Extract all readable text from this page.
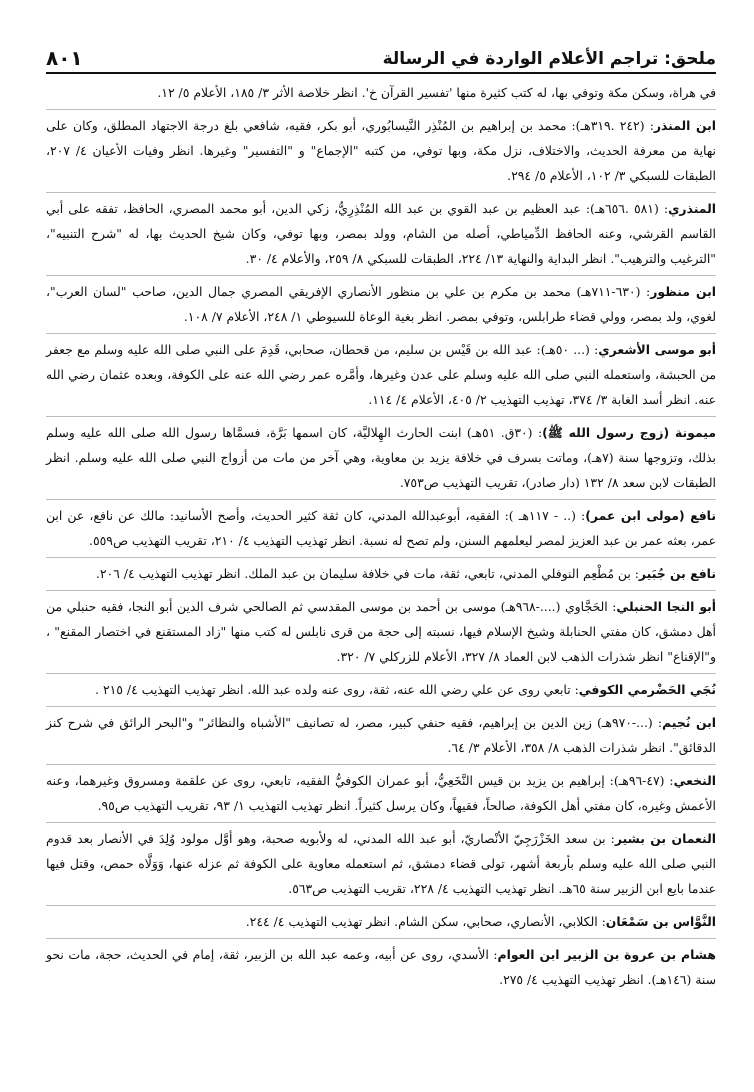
ملحق: تراجم الأعلام الواردة في الرسالة
٨٠١

في هراة، وسكن مكة وتوفي بها، له كتب كثيرة منها 'تفسير القرآن خ'. انظر خلاصة الأثر ٣/ ١٨٥، الأعلام ٥/ ١٢.

ابن المنذر: (٢٤٢ .٣١٩هـ): محمد بن إبراهيم بن المُنْذِر النَّيسابُوري، أبو بكر، فقيه، شافعي بلغ درجة الاجتهاد المطلق، وكان على نهاية من معرفة الحديث، والاختلاف، نزل مكة، وبها توفي، من كتبه "الإجماع" و "التفسير" وغيرها. انظر وفيات الأعيان ٤/ ٢٠٧، الطبقات للسبكي ٣/ ١٠٢، الأعلام ٥/ ٢٩٤.

المنذري: (٥٨١ .٦٥٦هـ): عبد العظيم بن عبد القوي بن عبد الله المُنْذِرِيُّ، زكي الدين، أبو محمد المصري، الحافظ، تفقه على أبي القاسم القرشي، وعنه الحافظ الدِّمياطي، أصله من الشام، وولد بمصر، وبها توفي، وكان شيخ الحديث بها، له "شرح التنبيه"، "الترغيب والترهيب". انظر البداية والنهاية ١٣/ ٢٢٤، الطبقات للسبكي ٨/ ٢٥٩، والأعلام ٤/ ٣٠.

ابن منظور: (٦٣٠-٧١١هـ) محمد بن مكرم بن علي بن منظور الأنصاري الإفريقي المصري جمال الدين، صاحب "لسان العرب"، لغوي، ولد بمصر، وولي قضاء طرابلس، وتوفي بمصر. انظر بغية الوعاة للسيوطي ١/ ٢٤٨، الأعلام ٧/ ١٠٨.

أبو موسى الأشعري: (... ٥٠هـ): عبد الله بن قَيْس بن سليم، من قحطان، صحابي، قَدِمَ على النبي صلى الله عليه وسلم مع جعفر من الحبشة، واستعمله النبي صلى الله عليه وسلم على عدن وغيرها، وأمَّره عمر رضي الله عنه على الكوفة، وبعده عثمان رضي الله عنه. انظر أسد الغابة ٣/ ٣٧٤، تهذيب التهذيب ٢/ ٤٠٥، الأعلام ٤/ ١١٤.

ميمونة (زوج رسول الله ﷺ): (٣٠ق. ٥١هـ) ابنت الحارث الهِلاليَّة، كان اسمها بَرَّة، فسمَّاها رسول الله صلى الله عليه وسلم بذلك، وتزوجها سنة (٧هـ)، وماتت بسرف في خلافة يزيد بن معاوية، وهي آخر من مات من أزواج النبي صلى الله عليه وسلم. انظر الطبقات لابن سعد ٨/ ١٣٢ (دار صادر)، تقريب التهذيب ص٧٥٣.

نافع (مولى ابن عمر): (.. - ١١٧هـ ): الفقيه، أبوعبدالله المدني، كان ثقة كثير الحديث، وأصح الأسانيد: مالك عن نافع، عن ابن عمر، بعثه عمر بن عبد العزيز لمصر ليعلمهم السنن، ولم تصح له نسبة. انظر تهذيب التهذيب ٤/ ٢١٠، تقريب التهذيب ص٥٥٩.

نافع بن جُبَير: بن مُطْعِم النوفلي المدني، تابعي، ثقة، مات في خلافة سليمان بن عبد الملك. انظر تهذيب التهذيب ٤/ ٢٠٦.

أبو النجا الحنبلي: الحَجَّاوي (....-٩٦٨هـ) موسى بن أحمد بن موسى المقدسي ثم الصالحي شرف الدين أبو النجا، فقيه حنبلي من أهل دمشق، كان مفتي الحنابلة وشيخ الإسلام فيها، نسبته إلى حجة من قرى نابلس له كتب منها "زاد المستقنع في اختصار المقنع" ، و"الإقناع" انظر شذرات الذهب لابن العماد ٨/ ٣٢٧، الأعلام للزركلي ٧/ ٣٢٠.

نُجَي الحَضْرمي الكوفي: تابعي روى عن علي رضي الله عنه، ثقة، روى عنه ولده عبد الله. انظر تهذيب التهذيب ٤/ ٢١٥ .

ابن نُجيم: (...-٩٧٠هـ) زين الدين بن إبراهيم، فقيه حنفي كبير، مصر، له تصانيف "الأشباه والنظائر" و"البحر الرائق في شرح كنز الدقائق". انظر شذرات الذهب ٨/ ٣٥٨، الأعلام ٣/ ٦٤.

النخعي: (٤٧-٩٦هـ): إبراهيم بن يزيد بن قيس النَّخَعِيُّ، أبو عمران الكوفيُّ الفقيه، تابعي، روى عن علقمة ومسروق وغيرهما، وعنه الأعمش وغيره، كان مفتي أهل الكوفة، صالحاً، فقيهاً، وكان يرسل كثيراً. انظر تهذيب التهذيب ١/ ٩٣، تقريب التهذيب ص٩٥.

النعمان بن بشير: بن سعد الخَزْرَجِيّ الأنْصاريّ، أبو عبد الله المدني، له ولأبويه صحبة، وهو أوَّل مولود وُلِدَ في الأنصار بعد قدوم النبي صلى الله عليه وسلم بأربعة أشهر، تولى قضاء دمشق، ثم استعمله معاوية على الكوفة ثم عزله عنها، وَوَلَّاه حمص، وقتل فيها عندما بايع ابن الزبير سنة ٦٥هـ. انظر تهذيب التهذيب ٤/ ٢٢٨، تقريب التهذيب ص٥٦٣.

النَّوَّاس بن سَمْعَان: الكلابي، الأنصاري، صحابي، سكن الشام. انظر تهذيب التهذيب ٤/ ٢٤٤.

هشام بن عروة بن الزبير ابن العوام: الأسدي، روى عن أبيه، وعمه عبد الله بن الزبير، ثقة، إمام في الحديث، حجة، مات نحو سنة (١٤٦هـ). انظر تهذيب التهذيب ٤/ ٢٧٥.
